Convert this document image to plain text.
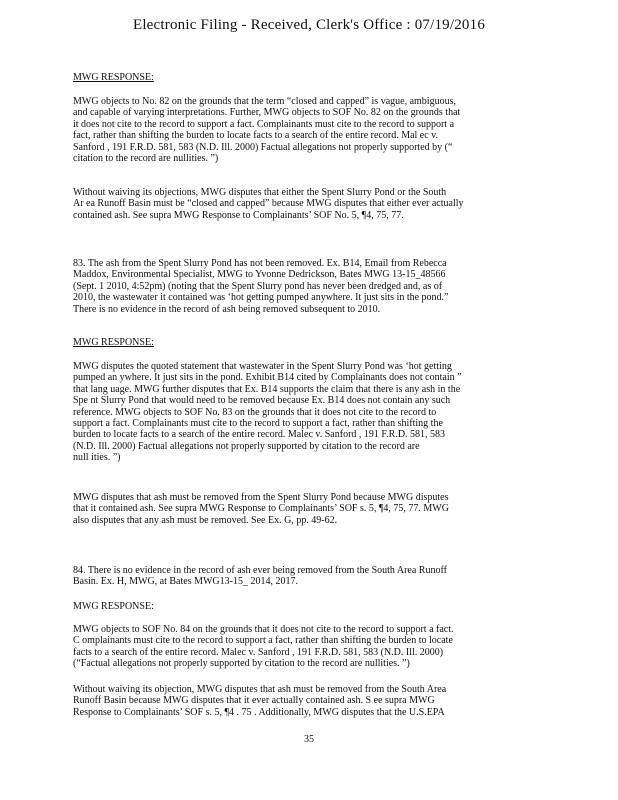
Electronic Filing - Received, Clerk's Office : 07/19/2016
MWG RESPONSE:
MWG objects to No. 82 on the grounds that the term “closed and capped” is vague, ambiguous,
and capable of varying interpretations. Further, MWG objects to SOF No. 82 on the grounds that
it does not cite to the record to support a fact. Complainants must cite to the record to support a
fact, rather than shifting the burden to locate facts to a search of the entire record. Mal ec v.
Sanford , 191 F.R.D. 581, 583 (N.D. Ill. 2000) Factual allegations not properly supported by (“
citation to the record are nullities. ”)
Without waiving its objections, MWG disputes that either the Spent Slurry Pond or the South
Ar ea Runoff Basin must be “closed and capped” because MWG disputes that either ever actually
contained ash. See supra MWG Response to Complainants’ SOF No. 5, ¶4, 75, 77.
83. The ash from the Spent Slurry Pond has not been removed. Ex. B14, Email from Rebecca
Maddox, Environmental Specialist, MWG to Yvonne Dedrickson, Bates MWG 13-15_48566
(Sept. 1 2010, 4:52pm) (noting that the Spent Slurry pond has never been dredged and, as of
2010, the wastewater it contained was ‘hot getting pumped anywhere. It just sits in the pond.”
There is no evidence in the record of ash being removed subsequent to 2010.
MWG RESPONSE:
MWG disputes the quoted statement that wastewater in the Spent Slurry Pond was ‘hot getting
pumped an ywhere. It just sits in the pond. Exhibit B14 cited by Complainants does not contain ”
that lang uage. MWG further disputes that Ex. B14 supports the claim that there is any ash in the
Spe nt Slurry Pond that would need to be removed because Ex. B14 does not contain any such
reference. MWG objects to SOF No. 83 on the grounds that it does not cite to the record to
support a fact. Complainants must cite to the record to support a fact, rather than shifting the
burden to locate facts to a search of the entire record. Malec v. Sanford , 191 F.R.D. 581, 583
(N.D. Ill. 2000) Factual allegations not properly supported by citation to the record are
null ities. ”)
MWG disputes that ash must be removed from the Spent Slurry Pond because MWG disputes
that it contained ash. See supra MWG Response to Complainants’ SOF s. 5, ¶4, 75, 77. MWG
also disputes that any ash must be removed. See Ex. G, pp. 49-62.
84. There is no evidence in the record of ash ever being removed from the South Area Runoff
Basin. Ex. H, MWG, at Bates MWG13-15_ 2014, 2017.
MWG RESPONSE:
MWG objects to SOF No. 84 on the grounds that it does not cite to the record to support a fact.
C omplainants must cite to the record to support a fact, rather than shifting the burden to locate
facts to a search of the entire record. Malec v. Sanford , 191 F.R.D. 581, 583 (N.D. Ill. 2000)
(“Factual allegations not properly supported by citation to the record are nullities. ”)
Without waiving its objection, MWG disputes that ash must be removed from the South Area
Runoff Basin because MWG disputes that it ever actually contained ash. S ee supra MWG
Response to Complainants’ SOF s. 5, ¶4 . 75 . Additionally, MWG disputes that the U.S.EPA
35
